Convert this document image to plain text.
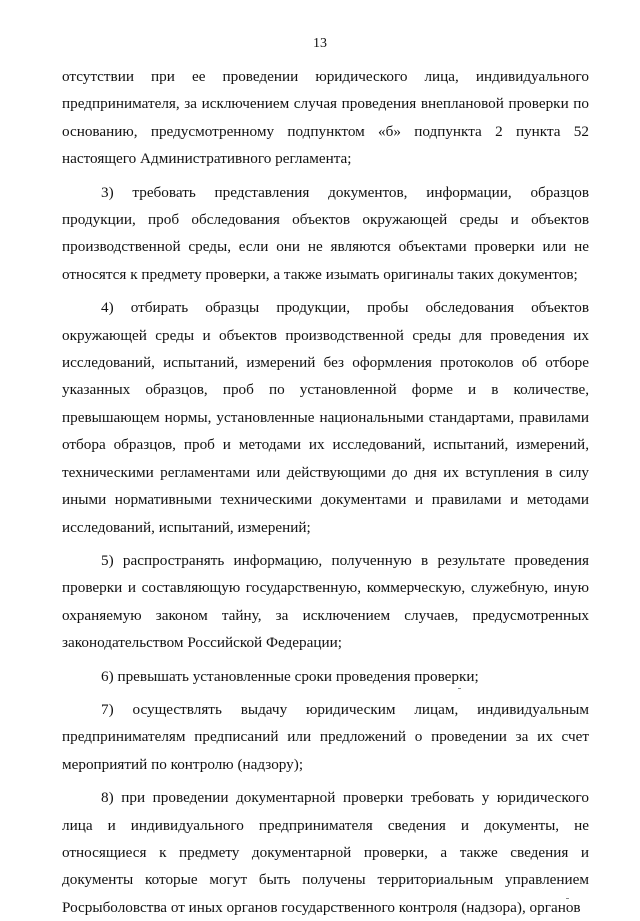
13

отсутствии при ее проведении юридического лица, индивидуального предпринимателя, за исключением случая проведения внеплановой проверки по основанию, предусмотренному подпунктом «б» подпункта 2 пункта 52 настоящего Административного регламента;

3) требовать представления документов, информации, образцов продукции, проб обследования объектов окружающей среды и объектов производственной среды, если они не являются объектами проверки или не относятся к предмету проверки, а также изымать оригиналы таких документов;

4) отбирать образцы продукции, пробы обследования объектов окружающей среды и объектов производственной среды для проведения их исследований, испытаний, измерений без оформления протоколов об отборе указанных образцов, проб по установленной форме и в количестве, превышающем нормы, установленные национальными стандартами, правилами отбора образцов, проб и методами их исследований, испытаний, измерений, техническими регламентами или действующими до дня их вступления в силу иными нормативными техническими документами и правилами и методами исследований, испытаний, измерений;

5) распространять информацию, полученную в результате проведения проверки и составляющую государственную, коммерческую, служебную, иную охраняемую законом тайну, за исключением случаев, предусмотренных законодательством Российской Федерации;

6) превышать установленные сроки проведения проверки;

7) осуществлять выдачу юридическим лицам, индивидуальным предпринимателям предписаний или предложений о проведении за их счет мероприятий по контролю (надзору);

8) при проведении документарной проверки требовать у юридического лица и индивидуального предпринимателя сведения и документы, не относящиеся к предмету документарной проверки, а также сведения и документы которые могут быть получены территориальным управлением Росрыболовства от иных органов государственного контроля (надзора), органов
